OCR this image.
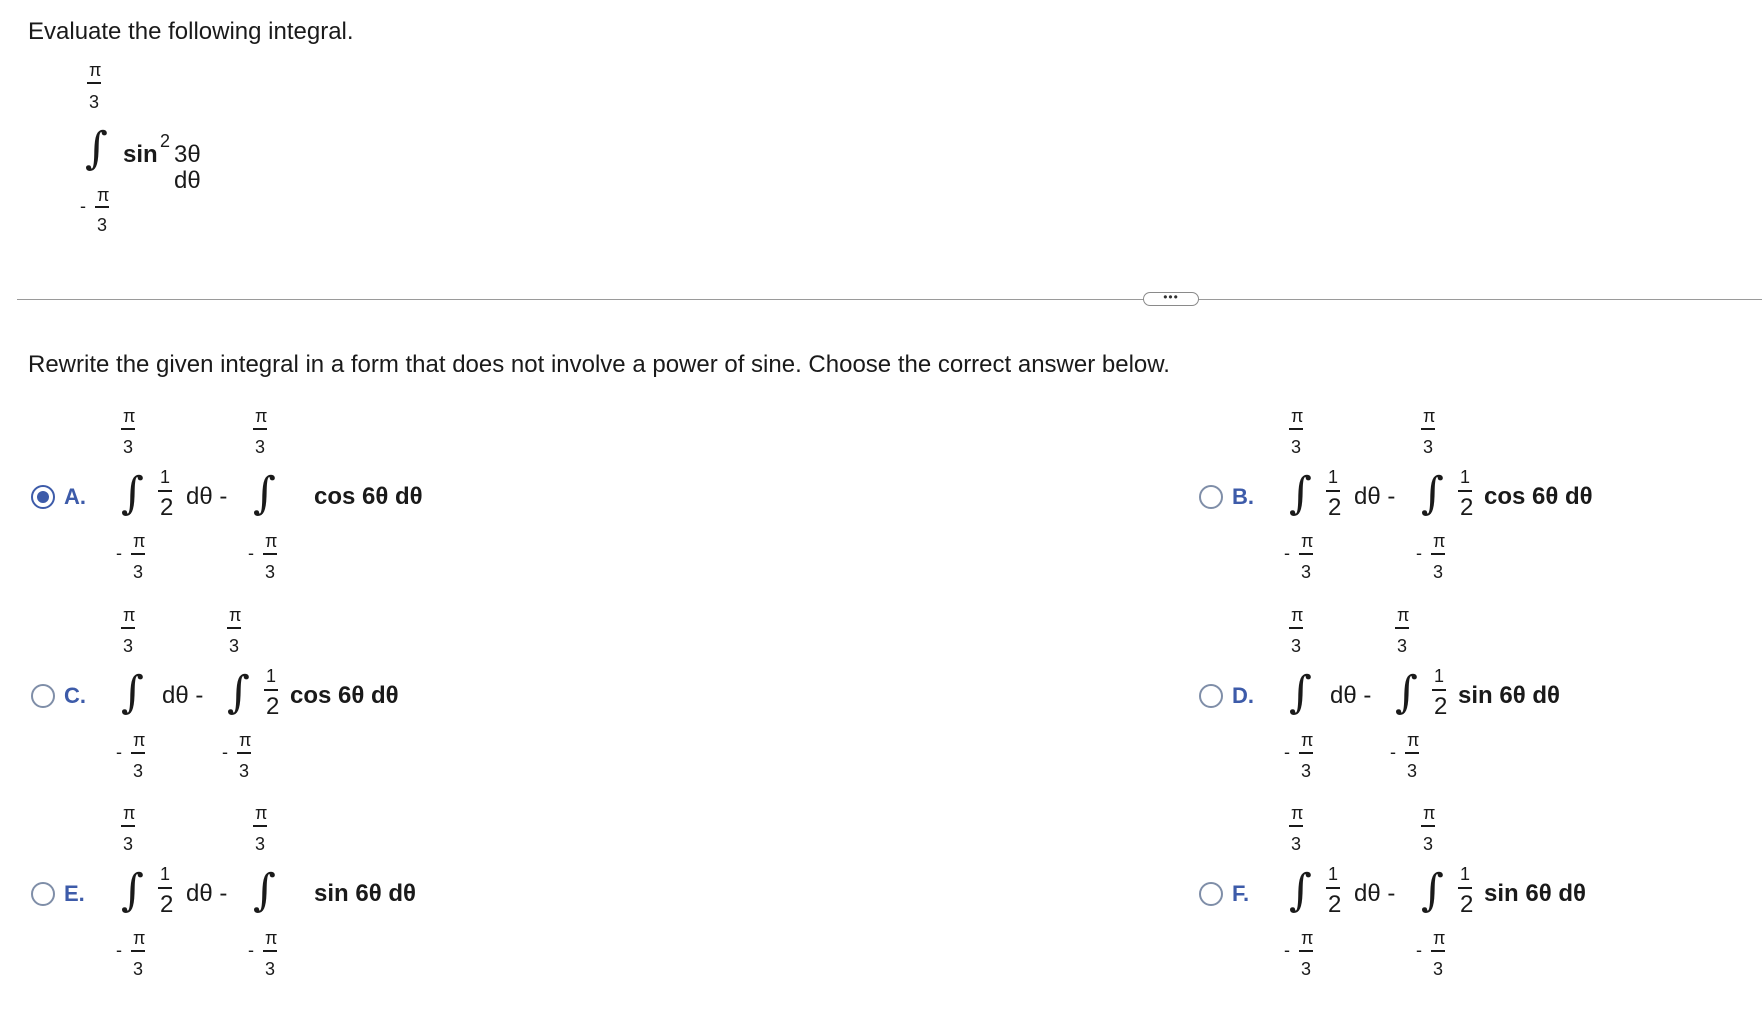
Evaluate the following integral.
π
3
∫ sin 2 3θ dθ
π
-
3
•••
Rewrite the given integral in a form that does not involve a power of sine. Choose the correct answer below.
A.
π
3
∫
π
3
-
1
2 dθ -
π
3
∫
π
3
-
cos 6θ dθ	B.
π
3
∫
π
3
-
1
2 dθ -
π
3
∫
π
3
-
1
2 cos 6θ dθ
C.
π
3
∫
π
3
-
dθ -
π
3
∫
π
3
-
1
2 cos 6θ dθ	D.
π
3
∫
π
3
-
dθ -
π
3
∫
π
3
-
1
2 sin 6θ dθ
E.
π
3
∫
π
3
-
1
2 dθ -
π
3
∫
π
3
-
sin 6θ dθ	F.
π
3
∫
π
3
-
1
2 dθ -
π
3
∫
π
3
-
1
2 sin 6θ dθ
